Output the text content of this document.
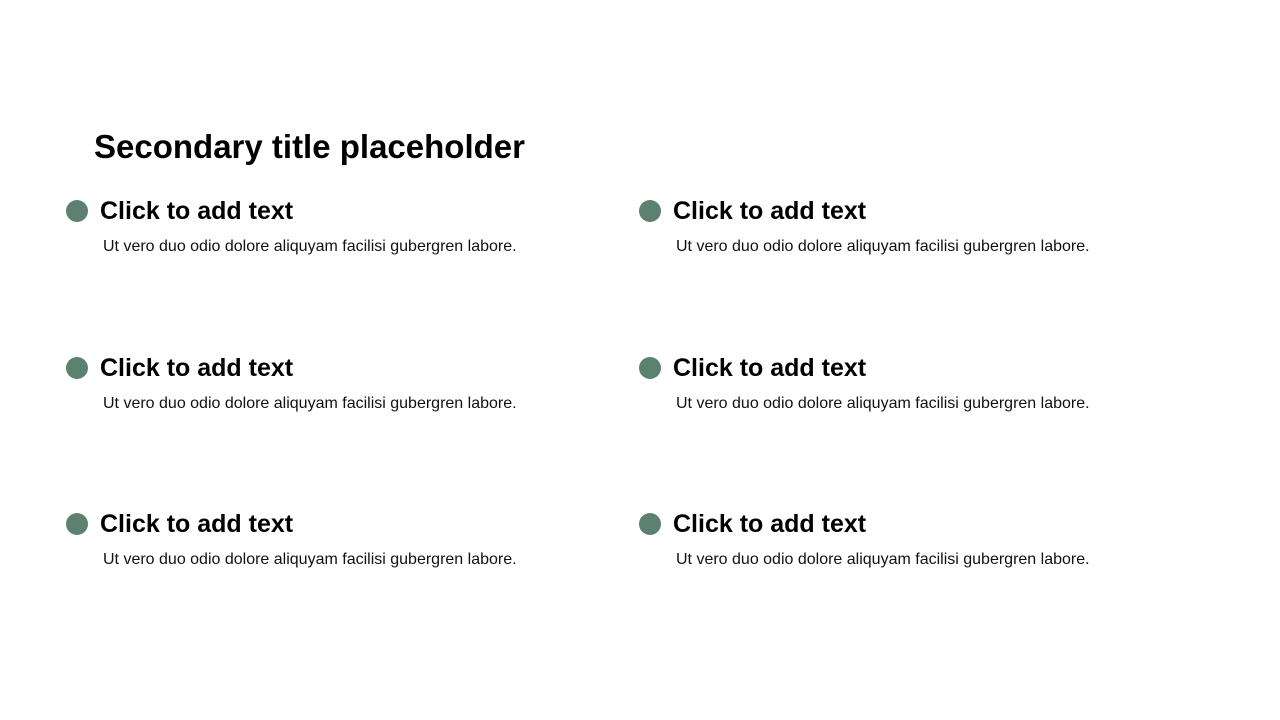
Secondary title placeholder
Click to add text

Ut vero duo odio dolore aliquyam facilisi gubergren labore.

Click to add text

Ut vero duo odio dolore aliquyam facilisi gubergren labore.

Click to add text

Ut vero duo odio dolore aliquyam facilisi gubergren labore.

Click to add text

Ut vero duo odio dolore aliquyam facilisi gubergren labore.

Click to add text

Ut vero duo odio dolore aliquyam facilisi gubergren labore.

Click to add text

Ut vero duo odio dolore aliquyam facilisi gubergren labore.
